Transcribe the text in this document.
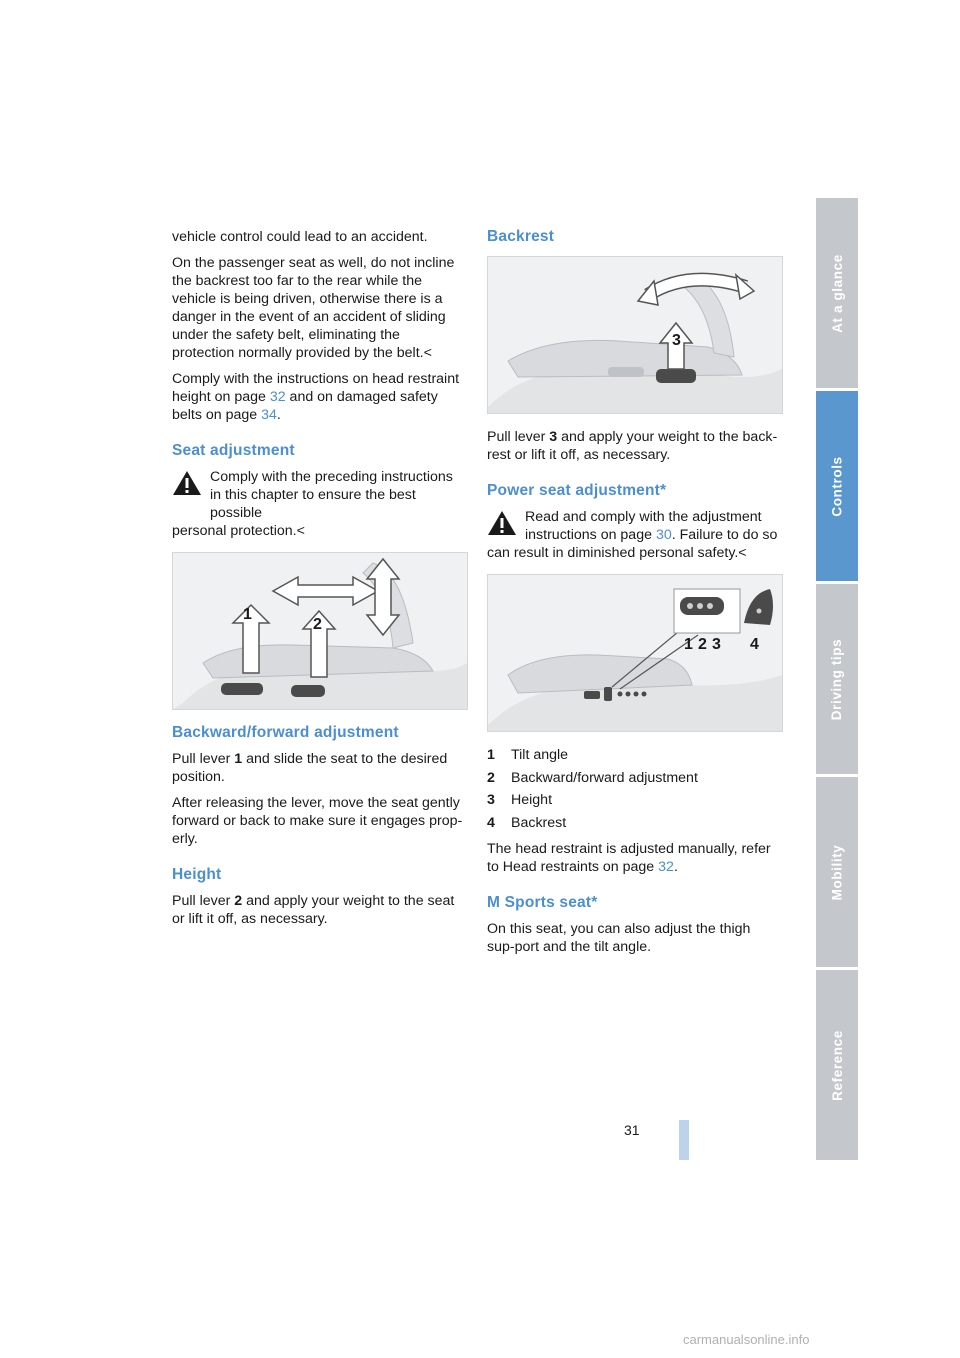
vehicle control could lead to an accident.

On the passenger seat as well, do not incline the backrest too far to the rear while the vehicle is being driven, otherwise there is a danger in the event of an accident of sliding under the safety belt, eliminating the protection normally provided by the belt.<

Comply with the instructions on head restraint height on page 32 and on damaged safety belts on page 34.

Seat adjustment
Comply with the preceding instructions in this chapter to ensure the best possible
personal protection.<
1
2
Backward/forward adjustment

Pull lever 1 and slide the seat to the desired position.

After releasing the lever, move the seat gently forward or back to make sure it engages prop-erly.

Height

Pull lever 2 and apply your weight to the seat or lift it off, as necessary.

Backrest
3

Pull lever 3 and apply your weight to the back-rest or lift it off, as necessary.

Power seat adjustment*
Read and comply with the adjustment instructions on page 30. Failure to do so
can result in diminished personal safety.<
1 2 3 4
1	Tilt angle
2	Backward/forward adjustment
3	Height
4	Backrest

The head restraint is adjusted manually, refer to Head restraints on page 32.

M Sports seat*

On this seat, you can also adjust the thigh sup-port and the tilt angle.

At a glance
Controls
Driving tips
Mobility
Reference
31
carmanualsonline.info
